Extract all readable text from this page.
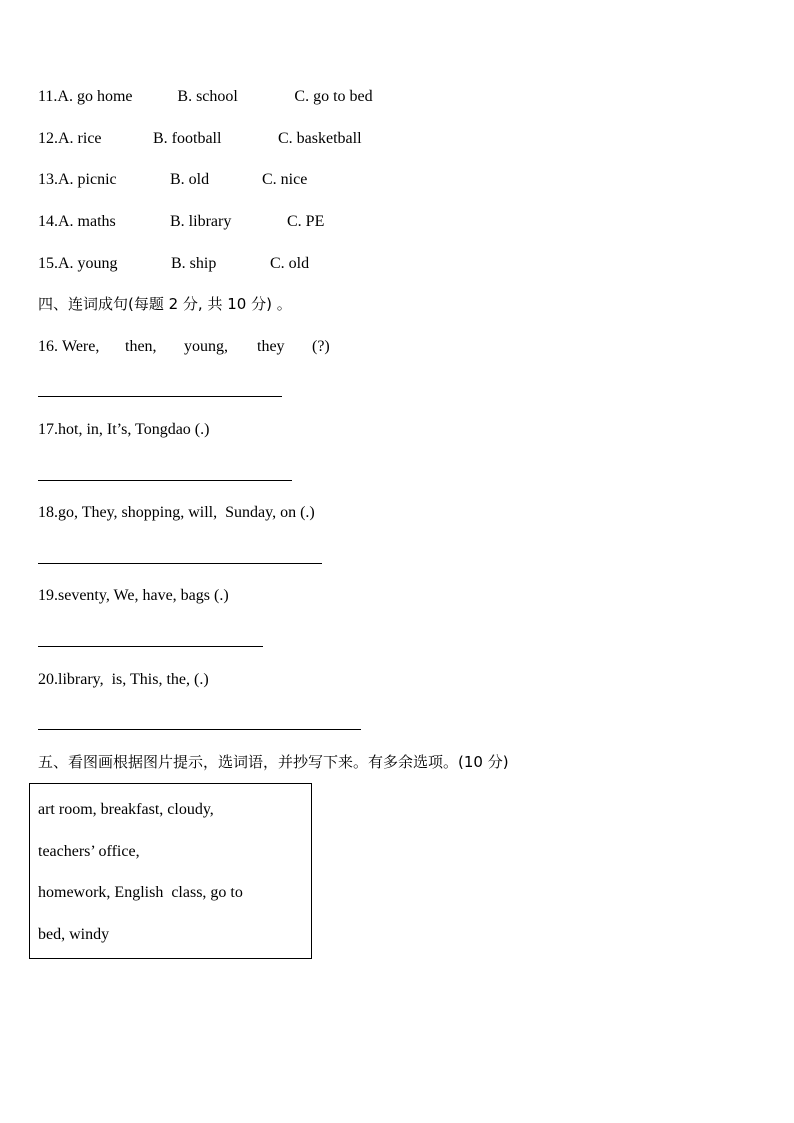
11.A. go home	B. school	C. go to bed
12.A. rice	B. football	C. basketball
13.A. picnic	B. old	C. nice
14.A. maths	B. library	C. PE
15.A. young	B. ship	C. old
四、连词成句(每题 2 分, 共 10 分) 。
16. Were, then, young, they (?)
17.hot, in, It’s, Tongdao (.)
18.go, They, shopping, will,  Sunday, on (.)
19.seventy, We, have, bags (.)
20.library,  is, This, the, (.)
五、看图画根据图片提示，选词语，并抄写下来。有多余选项。(10 分)
art room, breakfast, cloudy,
teachers’ office,
homework, English  class, go to
bed, windy
